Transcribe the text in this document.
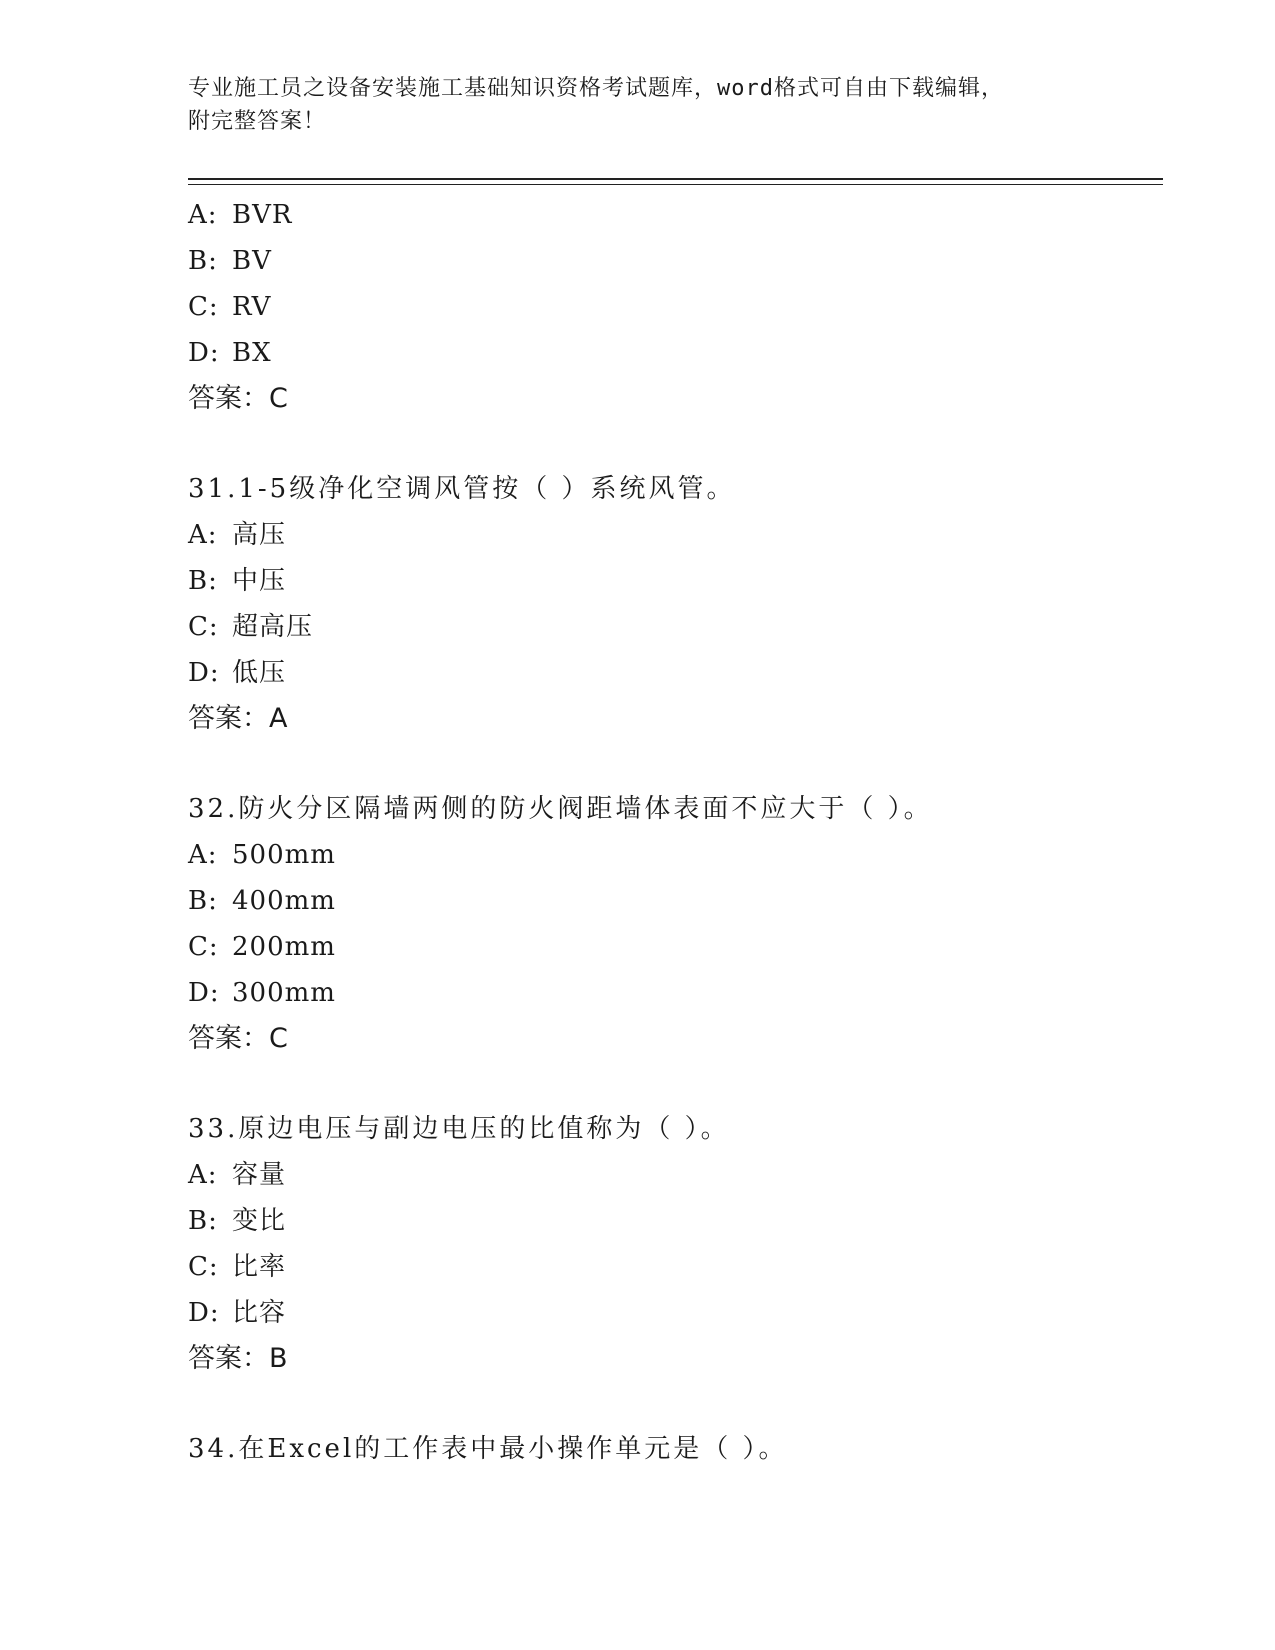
专业施工员之设备安装施工基础知识资格考试题库，word格式可自由下载编辑，
附完整答案！
A: BVR
B: BV
C: RV
D: BX
答案：C
31.1-5级净化空调风管按（ ）系统风管。
A: 高压
B: 中压
C: 超高压
D: 低压
答案：A
32.防火分区隔墙两侧的防火阀距墙体表面不应大于（ ）。
A: 500mm
B: 400mm
C: 200mm
D: 300mm
答案：C
33.原边电压与副边电压的比值称为（ ）。
A: 容量
B: 变比
C: 比率
D: 比容
答案：B
34.在Excel的工作表中最小操作单元是（ ）。
